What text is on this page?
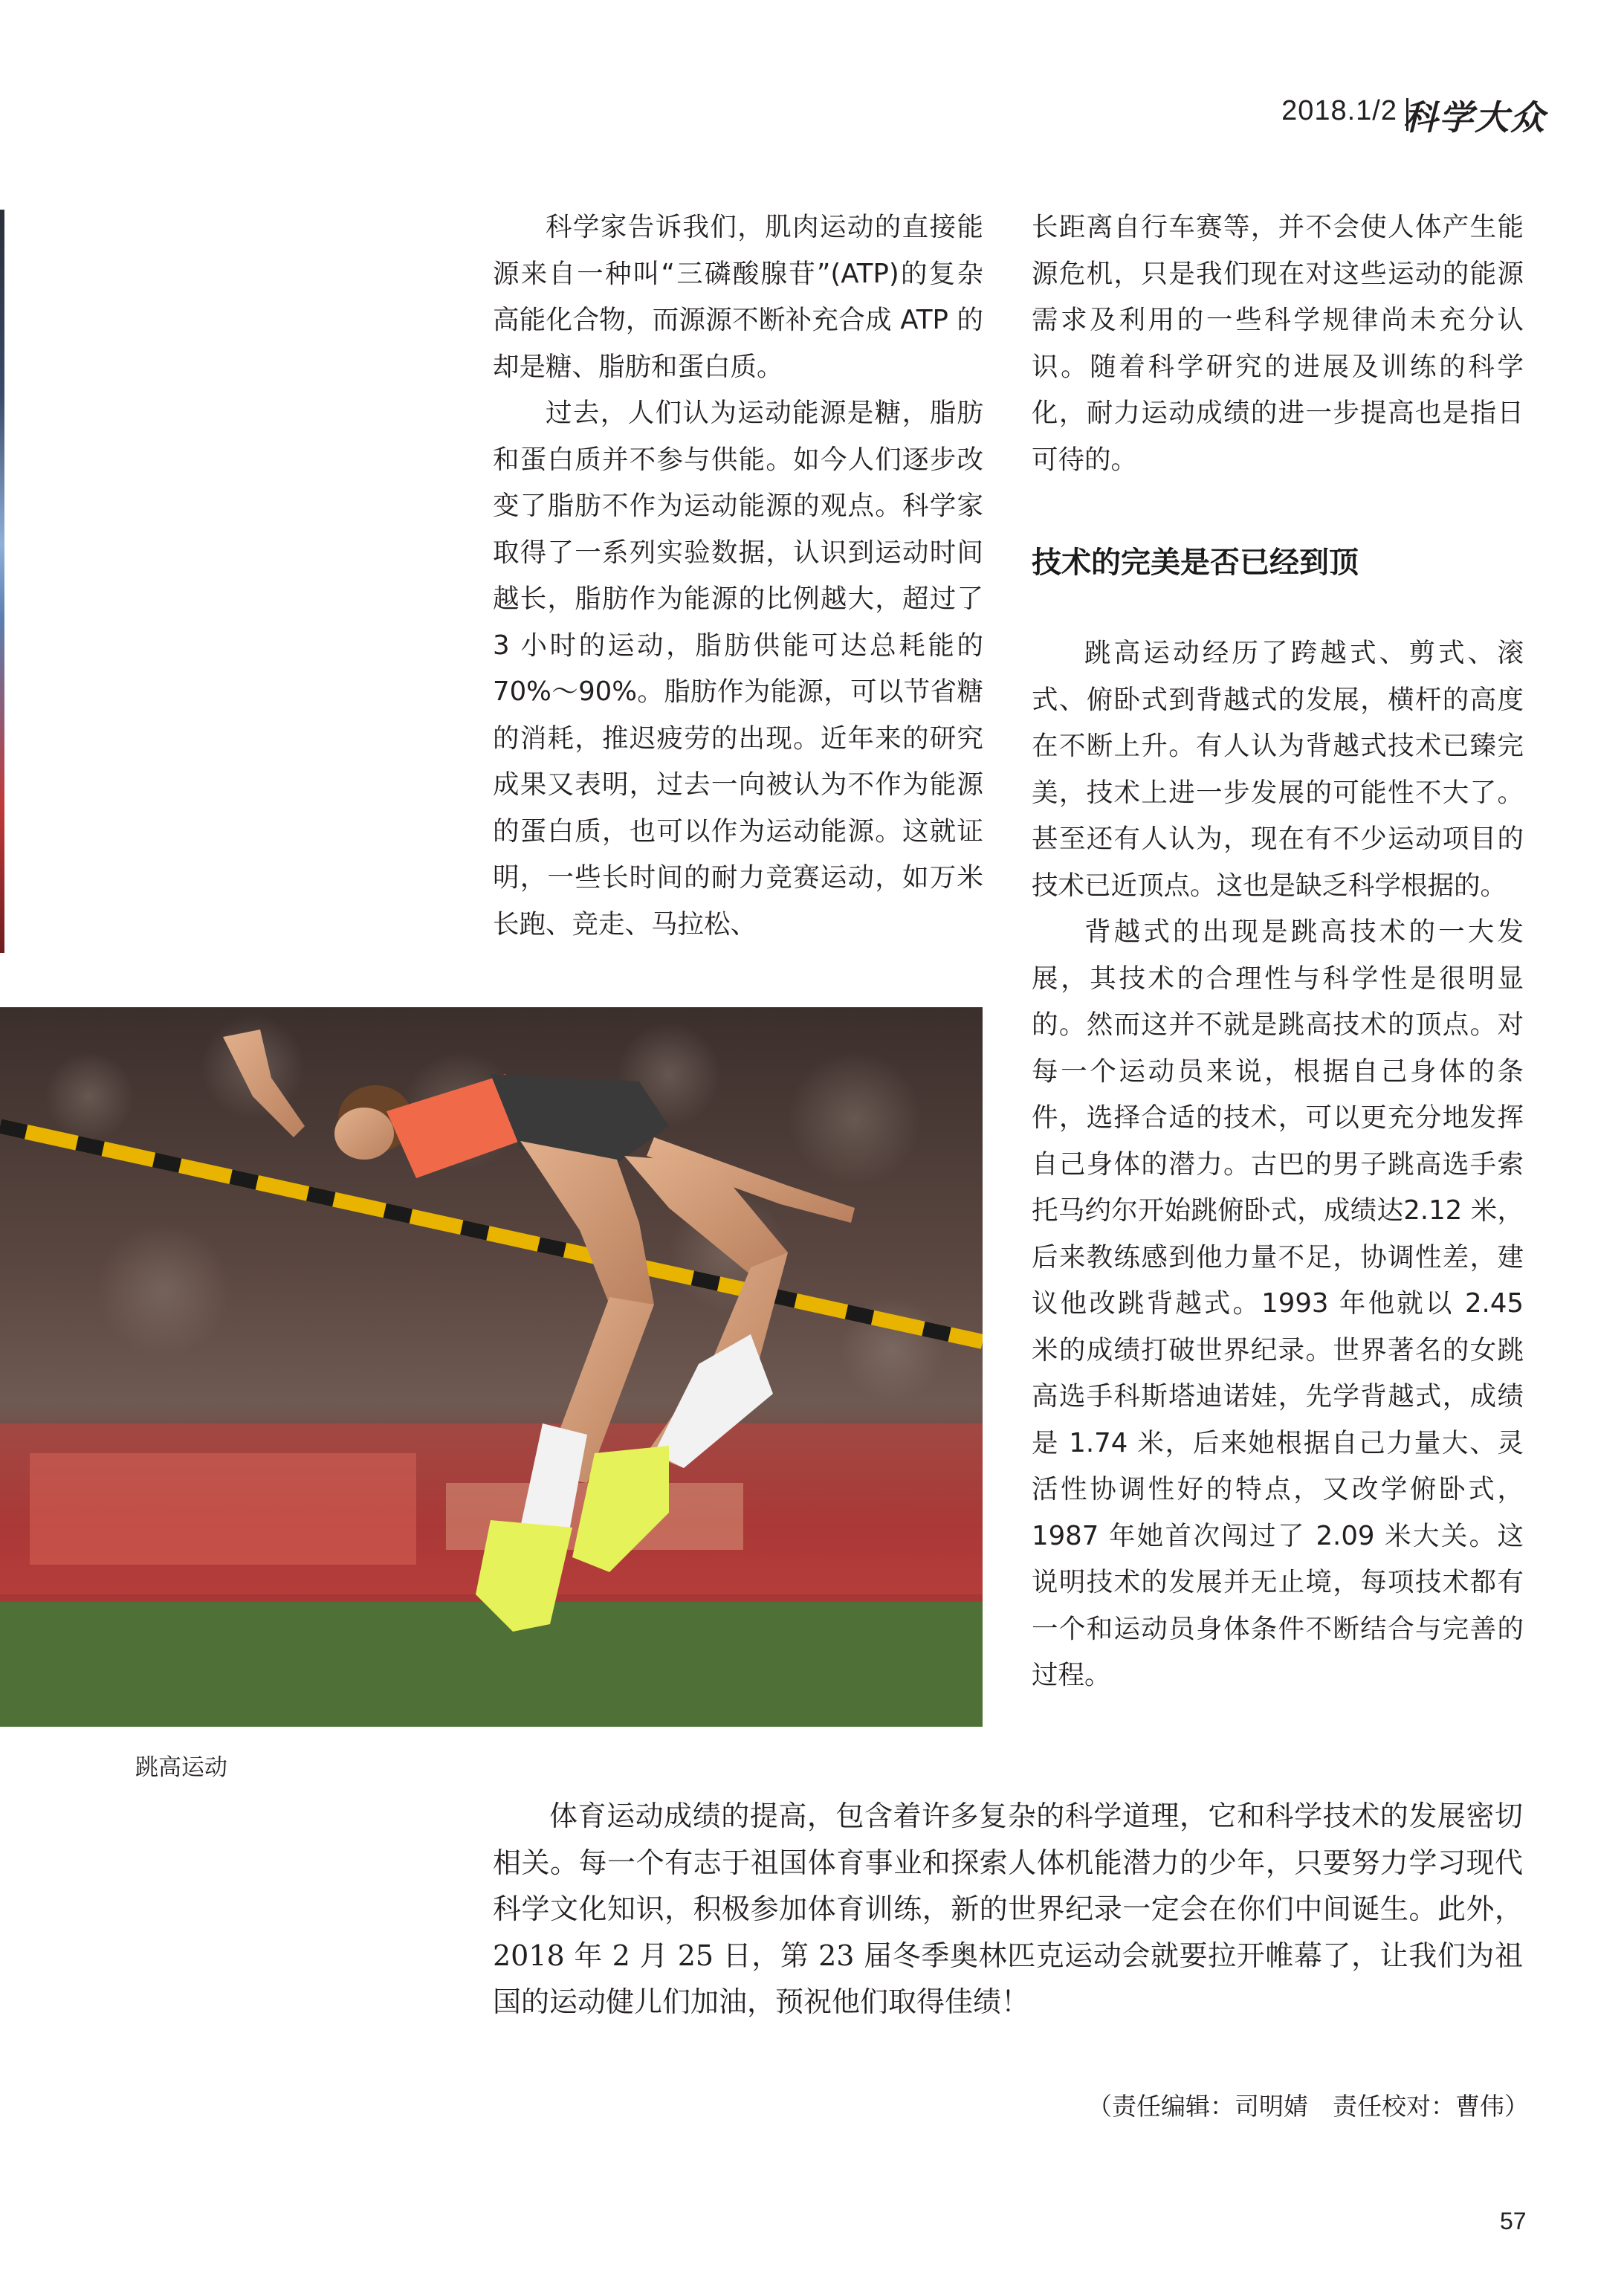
2018.1/2 科学大众

科学家告诉我们，肌肉运动的直接能源来自一种叫“三磷酸腺苷”(ATP)的复杂高能化合物，而源源不断补充合成 ATP 的却是糖、脂肪和蛋白质。

过去，人们认为运动能源是糖，脂肪和蛋白质并不参与供能。如今人们逐步改变了脂肪不作为运动能源的观点。科学家取得了一系列实验数据，认识到运动时间越长，脂肪作为能源的比例越大，超过了 3 小时的运动，脂肪供能可达总耗能的70%～90%。脂肪作为能源，可以节省糖的消耗，推迟疲劳的出现。近年来的研究成果又表明，过去一向被认为不作为能源的蛋白质，也可以作为运动能源。这就证明，一些长时间的耐力竞赛运动，如万米长跑、竞走、马拉松、

长距离自行车赛等，并不会使人体产生能源危机，只是我们现在对这些运动的能源需求及利用的一些科学规律尚未充分认识。随着科学研究的进展及训练的科学化，耐力运动成绩的进一步提高也是指日可待的。

技术的完美是否已经到顶

跳高运动经历了跨越式、剪式、滚式、俯卧式到背越式的发展，横杆的高度在不断上升。有人认为背越式技术已臻完美，技术上进一步发展的可能性不大了。甚至还有人认为，现在有不少运动项目的技术已近顶点。这也是缺乏科学根据的。

背越式的出现是跳高技术的一大发展，其技术的合理性与科学性是很明显的。然而这并不就是跳高技术的顶点。对每一个运动员来说，根据自己身体的条件，选择合适的技术，可以更充分地发挥自己身体的潜力。古巴的男子跳高选手索托马约尔开始跳俯卧式，成绩达2.12 米，后来教练感到他力量不足，协调性差，建议他改跳背越式。1993 年他就以 2.45 米的成绩打破世界纪录。世界著名的女跳高选手科斯塔迪诺娃，先学背越式，成绩是 1.74 米，后来她根据自己力量大、灵活性协调性好的特点，又改学俯卧式，1987 年她首次闯过了 2.09 米大关。这说明技术的发展并无止境，每项技术都有一个和运动员身体条件不断结合与完善的过程。

跳高运动

体育运动成绩的提高，包含着许多复杂的科学道理，它和科学技术的发展密切相关。每一个有志于祖国体育事业和探索人体机能潜力的少年，只要努力学习现代科学文化知识，积极参加体育训练，新的世界纪录一定会在你们中间诞生。此外，2018 年 2 月 25 日，第 23 届冬季奥林匹克运动会就要拉开帷幕了，让我们为祖国的运动健儿们加油，预祝他们取得佳绩！

（责任编辑：司明婧　责任校对：曹伟）
57
